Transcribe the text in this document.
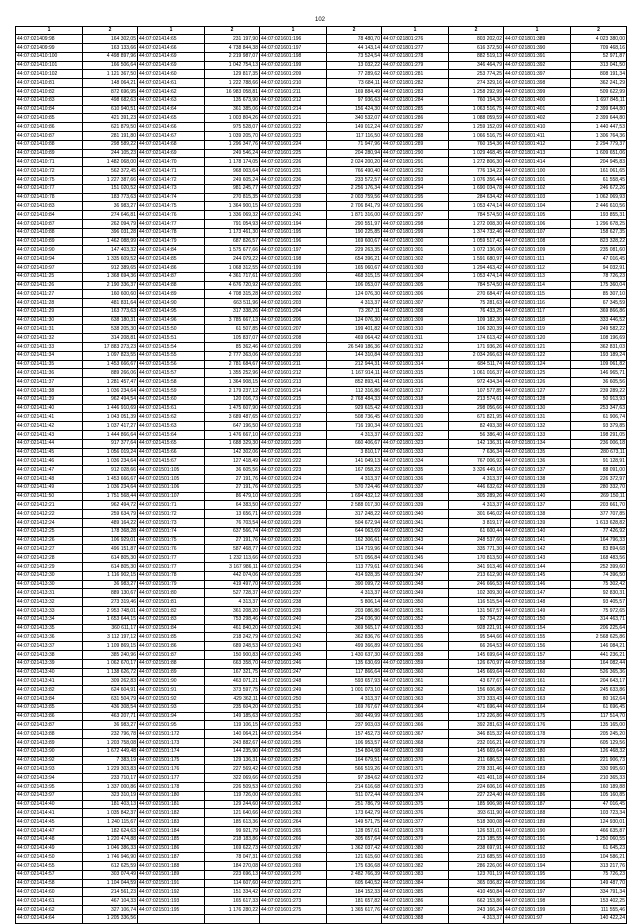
102
1	2	1	2	1	2	1	2	1	2
44:07:021409:98	164 302,05	44:07:021414:65	231 197,90	44:07:021601:196	78 480,70	44:07:021801:276	803 202,02	44:07:021801:389	4 023 380,00
44:07:021409:99	163 133,66	44:07:021414:66	4 738 844,38	44:07:021601:197	44 143,14	44:07:021801:277	616 372,50	44:07:021801:390	709 468,16
44:07:021410:100	4 498 897,96	44:07:021414:69	2 219 987,07	44:07:021601:198	73 524,54	44:07:021801:278	882 519,13	44:07:021801:391	52 971,87
44:07:021410:101	166 506,64	44:07:021414:69	1 042 754,13	44:07:021601:199	13 032,22	44:07:021801:279	346 464,79	44:07:021801:392	313 041,50
44:07:021410:102	1 121 367,50	44:07:021414:60	129 817,35	44:07:021601:209	77 289,62	44:07:021801:281	253 774,25	44:07:021801:397	808 191,34
44:07:021410:81	148 064,21	44:07:021414:61	1 222 788,66	44:07:021601:210	73 684,11	44:07:021801:282	274 329,16	44:07:021801:398	362 241,29
44:07:021410:82	872 696,95	44:07:021414:62	16 983 058,81	44:07:021601:211	169 884,49	44:07:021801:283	1 258 292,99	44:07:021801:399	509 622,99
44:07:021410:83	498 682,63	44:07:021414:63	135 673,90	44:07:021601:212	97 936,63	44:07:021801:284	760 154,36	44:07:021801:400	1 697 845,11
44:07:021410:84	610 940,51	44:07:021414:64	361 385,06	44:07:021601:214	156 424,30	44:07:021801:285	1 063 516,75	44:07:021801:401	2 399 644,80
44:07:021410:85	421 391,23	44:07:021414:65	1 003 804,26	44:07:021601:221	340 532,07	44:07:021801:286	1 088 059,59	44:07:021801:402	2 399 644,80
44:07:021410:86	621 879,50	44:07:021414:66	975 528,07	44:07:021601:222	149 012,24	44:07:021801:287	1 259 152,09	44:07:021801:410	1 440 447,53
44:07:021410:87	281 191,80	44:07:021414:67	1 039 205,70	44:07:021601:223	117 116,50	44:07:021801:288	1 066 516,75	44:07:021801:411	1 306 764,36
44:07:021410:88	298 589,22	44:07:021414:68	1 296 347,76	44:07:021601:224	71 947,96	44:07:021801:289	760 154,36	44:07:021801:412	2 294 779,37
44:07:021410:89	244 105,23	44:07:021414:69	249 546,24	44:07:021601:225	204 280,94	44:07:021801:290	1 029 468,45	44:07:021801:413	1 609 651,06
44:07:021410:71	1 482 068,00	44:07:021414:70	1 178 174,05	44:07:021601:226	2 024 200,20	44:07:021801:291	1 272 806,30	44:07:021801:414	204 945,83
44:07:021410:72	562 372,45	44:07:021414:71	968 003,64	44:07:021601:231	766 490,40	44:07:021801:292	776 134,22	44:07:021801:100	161 061,65
44:07:021410:75	1 227 387,66	44:07:021414:72	249 605,24	44:07:021601:236	233 572,57	44:07:021801:293	1 076 356,44	44:07:021801:101	61 558,45
44:07:021410:77	151 020,52	44:07:021414:73	981 245,77	44:07:021601:237	2 256 176,34	44:07:021801:294	1 690 034,78	44:07:021801:102	246 672,26
44:07:021410:78	183 773,63	44:07:021414:74	270 815,35	44:07:021601:238	2 003 759,56	44:07:021801:295	284 634,42	44:07:021801:103	1 062 069,93
44:07:021410:83	36 983,27	44:07:021414:75	1 364 900,15	44:07:021601:239	2 706 841,79	44:07:021801:296	1 053 474,14	44:07:021801:104	2 446 610,56
44:07:021410:84	274 646,81	44:07:021414:76	1 336 069,32	44:07:021601:241	1 871 316,00	44:07:021801:297	784 574,50	44:07:021801:105	193 855,31
44:07:021410:87	262 094,79	44:07:021414:77	791 054,93	44:07:021601:194	290 551,97	44:07:021801:298	1 272 008,30	44:07:021801:106	1 296 678,25
44:07:021410:88	396 031,28	44:07:021414:78	1 173 461,30	44:07:021601:195	190 225,85	44:07:021801:299	1 374 732,46	44:07:021801:107	158 627,35
44:07:021410:89	1 462 088,99	44:07:021414:79	687 826,57	44:07:021601:196	169 600,67	44:07:021801:300	1 059 517,42	44:07:021801:108	823 328,22
44:07:021410:90	147 403,32	44:07:021414:84	1 575 677,66	44:07:021601:197	229 263,35	44:07:021801:301	1 072 136,06	44:07:021801:109	235 081,60
44:07:021410:94	1 335 609,52	44:07:021414:85	244 079,22	44:07:021601:198	654 396,21	44:07:021801:302	1 591 680,97	44:07:021801:111	47 016,45
44:07:021410:97	912 389,65	44:07:021414:86	1 068 312,55	44:07:021601:199	165 060,67	44:07:021801:303	1 294 463,42	44:07:021801:112	94 032,91
44:07:021411:25	1 368 694,36	44:07:021414:87	4 361 717,61	44:07:021601:200	468 315,15	44:07:021801:304	1 053 474,14	44:07:021801:113	78 726,23
44:07:021411:26	2 190 336,37	44:07:021414:88	4 676 720,92	44:07:021601:201	106 053,07	44:07:021801:305	784 574,50	44:07:021801:114	175 360,04
44:07:021411:27	160 600,60	44:07:021414:89	4 708 315,28	44:07:021601:202	124 076,30	44:07:021801:306	270 684,47	44:07:021801:115	85 307,10
44:07:021411:28	481 831,64	44:07:021414:90	663 511,96	44:07:021601:203	4 313,37	44:07:021801:307	75 281,63	44:07:021801:116	67 345,59
44:07:021411:29	163 773,63	44:07:021414:95	317 338,26	44:07:021601:204	73 267,11	44:07:021801:308	76 433,25	44:07:021801:117	369 866,86
44:07:021411:30	638 180,31	44:07:021414:96	3 785 667,13	44:07:021601:206	124 076,30	44:07:021801:309	109 182,30	44:07:021801:118	333 446,52
44:07:021411:31	538 205,30	44:07:021415:50	61 507,85	44:07:021601:207	199 401,82	44:07:021801:310	106 320,39	44:07:021801:119	249 582,22
44:07:021411:32	314 208,81	44:07:021415:51	105 837,07	44:07:021601:208	469 064,42	44:07:021801:311	174 613,42	44:07:021801:120	108 196,69
44:07:021411:33	17 883 273,23	44:07:021415:54	85 362,46	44:07:021601:209	26 549 186,36	44:07:021801:312	171 936,26	44:07:021801:121	362 831,03
44:07:021411:34	1 097 823,55	44:07:021415:55	2 777 363,06	44:07:021601:210	144 310,84	44:07:021801:313	2 034 266,63	44:07:021801:122	193 189,24
44:07:021411:35	1 453 666,67	44:07:021415:56	2 781 684,67	44:07:021601:211	212 944,31	44:07:021801:314	684 511,74	44:07:021801:124	109 061,82
44:07:021411:36	889 266,06	44:07:021415:57	1 355 252,96	44:07:021601:212	1 167 914,11	44:07:021801:315	1 061 016,37	44:07:021801:125	146 965,71
44:07:021411:37	1 281 457,47	44:07:021415:58	1 364 908,15	44:07:021601:213	852 893,41	44:07:021801:316	972 434,34	44:07:021801:126	36 605,56
44:07:021411:38	1 036 234,64	44:07:021415:59	2 179 237,12	44:07:021601:214	112 316,86	44:07:021801:317	107 577,85	44:07:021801:127	239 289,22
44:07:021411:39	962 494,54	44:07:021415:60	120 016,73	44:07:021601:215	2 768 484,33	44:07:021801:318	213 574,61	44:07:021801:128	50 913,93
44:07:021411:40	1 446 910,69	44:07:021415:61	1 475 607,90	44:07:021601:216	929 615,42	44:07:021801:319	298 056,66	44:07:021801:130	253 347,63
44:07:021411:41	1 043 051,39	44:07:021415:62	3 689 487,65	44:07:021601:217	508 736,45	44:07:021801:320	671 821,95	44:07:021801:131	61 906,74
44:07:021411:42	1 037 417,27	44:07:021415:63	647 196,50	44:07:021601:218	716 190,34	44:07:021801:321	82 493,38	44:07:021801:132	93 379,85
44:07:021411:43	1 444 866,64	44:07:021415:64	1 476 667,10	44:07:021601:219	4 313,37	44:07:021801:322	56 386,40	44:07:021801:133	198 291,05
44:07:021411:44	917 377,64	44:07:021415:65	1 688 329,30	44:07:021601:220	660 406,67	44:07:021801:323	142 136,31	44:07:021801:134	236 006,18
44:07:021411:45	1 056 019,24	44:07:021415:66	142 302,06	44:07:021601:221	3 810,17	44:07:021801:333	7 636,34	44:07:021801:135	280 673,11
44:07:021411:46	1 036 234,64	44:07:021415:67	127 418,49	44:07:021601:222	141 049,13	44:07:021801:334	767 006,92	44:07:021801:136	91 128,91
44:07:021411:47	912 028,66	44:07:021501:105	36 605,56	44:07:021601:223	167 058,23	44:07:021801:335	3 326 449,16	44:07:021801:137	88 091,00
44:07:021411:48	1 453 666,67	44:07:021501:105	27 191,76	44:07:021601:224	4 313,37	44:07:021801:336	4 313,37	44:07:021801:138	226 372,97
44:07:021411:49	1 036 234,64	44:07:021501:106	27 191,76	44:07:021601:225	570 724,46	44:07:021801:337	446 632,62	44:07:021801:139	280 332,70
44:07:021411:50	1 751 568,44	44:07:021501:107	86 479,10	44:07:021601:226	1 694 432,12	44:07:021801:338	305 289,26	44:07:021801:140	269 150,11
44:07:021412:21	962 494,72	44:07:021501:71	64 383,50	44:07:021601:227	2 588 017,30	44:07:021801:339	4 313,37	44:07:021801:137	203 661,70
44:07:021412:22	259 634,79	44:07:021501:72	13 656,71	44:07:021601:228	317 248,22	44:07:021801:340	301 646,02	44:07:021801:138	377 707,85
44:07:021412:24	489 164,22	44:07:021501:73	76 703,54	44:07:021601:229	504 672,94	44:07:021801:341	3 819,17	44:07:021801:139	1 613 628,82
44:07:021412:25	178 368,28	44:07:021501:74	637 566,74	44:07:021601:230	644 063,69	44:07:021801:342	61 600,44	44:07:021801:140	77 426,92
44:07:021412:26	106 929,01	44:07:021501:75	27 191,76	44:07:021601:231	162 306,61	44:07:021801:343	248 537,60	44:07:021801:141	164 796,33
44:07:021412:27	496 151,87	44:07:021501:76	587 468,77	44:07:021601:232	114 719,96	44:07:021801:344	335 771,30	44:07:021801:142	83 894,68
44:07:021412:28	614 805,30	44:07:021501:77	1 232 113,66	44:07:021601:233	571 056,84	44:07:021801:345	170 813,50	44:07:021801:143	168 483,56
44:07:021412:29	614 805,30	44:07:021501:77	3 167 986,11	44:07:021601:234	113 779,61	44:07:021801:346	341 913,46	44:07:021801:144	252 399,60
44:07:021412:30	1 116 902,15	44:07:021501:78	442 074,06	44:07:021601:235	414 928,35	44:07:021801:347	213 612,90	44:07:021801:145	74 396,50
44:07:021413:30	36 983,27	44:07:021501:79	419 497,70	44:07:021601:236	390 099,72	44:07:021801:348	246 666,53	44:07:021801:146	75 302,42
44:07:021413:31	889 130,67	44:07:021501:80	527 728,37	44:07:021601:237	4 313,37	44:07:021801:349	102 309,30	44:07:021801:147	92 830,31
44:07:021413:32	273 319,46	44:07:021501:81	4 313,37	44:07:021601:238	5 806,14	44:07:021801:350	116 515,54	44:07:021801:148	93 405,57
44:07:021413:33	2 953 748,01	44:07:021501:82	361 208,20	44:07:021601:239	203 086,86	44:07:021801:351	131 567,57	44:07:021801:149	75 972,65
44:07:021413:34	1 653 644,15	44:07:021501:83	753 298,46	44:07:021601:240	234 036,90	44:07:021801:352	92 734,22	44:07:021801:150	314 463,71
44:07:021413:35	360 611,17	44:07:021501:84	461 840,20	44:07:021601:241	369 565,17	44:07:021801:353	928 221,91	44:07:021801:154	206 225,64
44:07:021413:36	3 112 197,12	44:07:021501:85	218 242,79	44:07:021601:242	362 836,76	44:07:021801:355	95 544,66	44:07:021801:155	2 568 625,86
44:07:021413:37	1 109 869,15	44:07:021501:86	689 248,53	44:07:021601:243	499 366,89	44:07:021801:356	66 264,53	44:07:021801:156	146 084,21
44:07:021413:38	385 240,96	44:07:021501:87	150 900,83	44:07:021601:245	1 430 637,30	44:07:021801:358	145 699,64	44:07:021801:157	441 236,21
44:07:021413:39	1 062 670,17	44:07:021501:88	663 358,70	44:07:021601:246	135 630,69	44:07:021801:359	126 670,97	44:07:021801:158	164 082,44
44:07:021413:40	1 138 626,72	44:07:021501:89	167 321,75	44:07:021601:247	117 866,64	44:07:021801:360	145 669,64	44:07:021801:160	526 365,36
44:07:021413:41	309 262,83	44:07:021501:90	463 071,21	44:07:021601:248	593 657,93	44:07:021801:361	43 677,67	44:07:021801:161	204 643,17
44:07:021413:82	624 604,91	44:07:021501:91	373 597,75	44:07:021601:249	1 001 073,10	44:07:021801:362	156 606,86	44:07:021801:162	245 633,86
44:07:021413:84	631 504,79	44:07:021501:92	429 362,11	44:07:021601:250	4 313,37	44:07:021801:363	373 333,43	44:07:021801:163	80 162,64
44:07:021413:85	436 308,54	44:07:021501:93	235 604,20	44:07:021601:251	169 767,67	44:07:021801:364	471 696,44	44:07:021801:164	61 696,45
44:07:021413:86	463 207,71	44:07:021501:94	149 185,63	44:07:021601:252	360 449,99	44:07:021801:365	172 226,86	44:07:021801:175	117 514,70
44:07:021413:87	36 983,27	44:07:021501:95	119 106,15	44:07:021601:253	237 903,03	44:07:021801:366	392 281,63	44:07:021801:176	135 165,00
44:07:021413:88	232 796,78	44:07:021501:172	140 064,21	44:07:021601:254	157 452,73	44:07:021801:367	346 815,32	44:07:021801:178	205 245,20
44:07:021413:89	1 203 758,08	44:07:021501:173	243 882,67	44:07:021601:255	106 953,57	44:07:021801:368	232 016,21	44:07:021801:179	605 129,56
44:07:021413:90	1 672 449,48	44:07:021501:174	144 235,90	44:07:021601:256	154 804,98	44:07:021801:369	145 669,64	44:07:021801:180	126 468,32
44:07:021413:92	7 383,19	44:07:021501:175	129 136,31	44:07:021601:257	164 679,51	44:07:021801:370	211 686,52	44:07:021801:181	221 906,73
44:07:021413:93	1 229 303,83	44:07:021501:176	227 569,42	44:07:021601:258	566 519,26	44:07:021801:371	278 331,46	44:07:021801:183	330 995,60
44:07:021413:94	233 710,17	44:07:021501:177	322 069,66	44:07:021601:259	97 284,62	44:07:021801:372	421 401,18	44:07:021801:184	210 365,33
44:07:021413:95	1 337 000,86	44:07:021501:178	226 509,53	44:07:021601:260	214 616,68	44:07:021801:373	224 606,16	44:07:021801:185	160 189,88
44:07:021413:97	323 310,19	44:07:021501:180	119 726,00	44:07:021601:261	511 072,44	44:07:021801:374	227 224,40	44:07:021801:186	105 160,85
44:07:021414:40	181 403,13	44:07:021501:181	129 244,60	44:07:021601:262	251 786,79	44:07:021801:375	185 906,98	44:07:021801:187	47 016,45
44:07:021414:41	1 035 842,37	44:07:021501:182	121 640,66	44:07:021601:263	173 642,79	44:07:021801:376	393 611,90	44:07:021801:188	103 723,34
44:07:021414:45	1 240 115,67	44:07:021501:183	185 613,36	44:07:021601:264	149 571,75	44:07:021801:377	518 300,08	44:07:021801:189	124 930,01
44:07:021414:47	182 624,63	44:07:021501:184	99 921,79	44:07:021601:265	128 057,61	44:07:021801:378	126 531,01	44:07:021801:190	466 635,87
44:07:021414:48	1 220 474,88	44:07:021501:185	218 183,86	44:07:021601:266	305 657,64	44:07:021801:379	213 185,55	44:07:021801:191	1 250 060,55
44:07:021414:49	1 046 386,33	44:07:021501:186	169 622,73	44:07:021601:267	1 362 037,42	44:07:021801:380	238 697,91	44:07:021801:192	61 645,23
44:07:021414:50	1 746 946,90	44:07:021501:187	78 047,31	44:07:021601:268	121 615,60	44:07:021801:381	213 685,55	44:07:021801:193	104 586,21
44:07:021414:55	612 625,59	44:07:021501:188	184 270,08	44:07:021601:269	175 636,68	44:07:021801:382	286 226,06	44:07:021801:194	313 217,76
44:07:021414:57	303 074,49	44:07:021501:189	223 696,13	44:07:021601:270	2 482 766,39	44:07:021801:383	123 701,19	44:07:021801:195	75 726,23
44:07:021414:58	1 104 044,59	44:07:021501:191	114 607,60	44:07:021601:271	605 640,52	44:07:021801:384	365 036,82	44:07:021801:196	149 487,70
44:07:021414:60	214 561,23	44:07:021501:192	151 334,42	44:07:021601:272	184 152,33	44:07:021801:385	410 450,84	44:07:021801:197	334 791,34
44:07:021414:61	467 104,33	44:07:021501:193	165 617,33	44:07:021601:273	181 657,82	44:07:021801:386	662 153,86	44:07:021801:198	153 402,25
44:07:021414:62	327 106,74	44:07:021501:195	1 176 280,22	44:07:021601:275	1 365 617,76	44:07:021801:387	243 166,24	44:07:021801:199	111 555,46
44:07:021414:64	1 205 336,56					44:07:021801:388	4 313,37	44:07:021901:97	140 422,24
